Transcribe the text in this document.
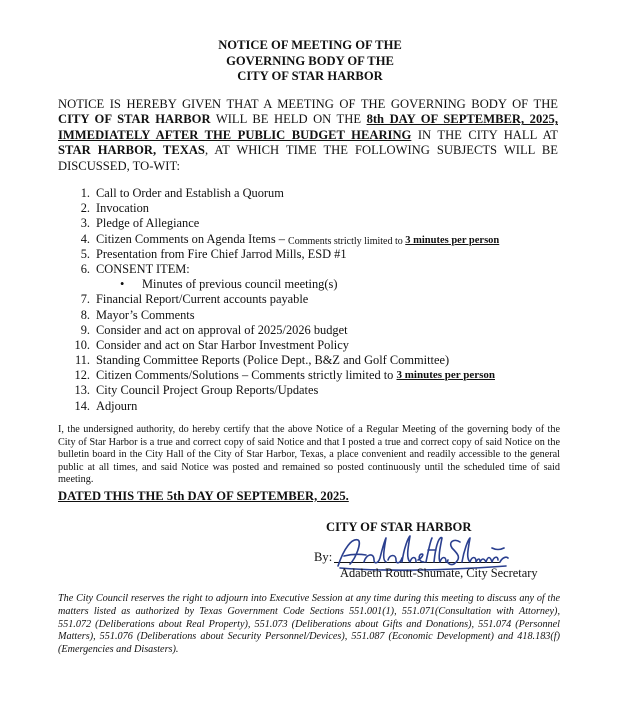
NOTICE OF MEETING OF THE
GOVERNING BODY OF THE
CITY OF STAR HARBOR
NOTICE IS HEREBY GIVEN THAT A MEETING OF THE GOVERNING BODY OF THE CITY OF STAR HARBOR WILL BE HELD ON THE 8th DAY OF SEPTEMBER, 2025, IMMEDIATELY AFTER THE PUBLIC BUDGET HEARING IN THE CITY HALL AT STAR HARBOR, TEXAS, AT WHICH TIME THE FOLLOWING SUBJECTS WILL BE DISCUSSED, TO-WIT:
1. Call to Order and Establish a Quorum
2. Invocation
3. Pledge of Allegiance
4. Citizen Comments on Agenda Items – Comments strictly limited to 3 minutes per person
5. Presentation from Fire Chief Jarrod Mills, ESD #1
6. CONSENT ITEM:
•	Minutes of previous council meeting(s)
7. Financial Report/Current accounts payable
8. Mayor’s Comments
9. Consider and act on approval of 2025/2026 budget
10. Consider and act on Star Harbor Investment Policy
11. Standing Committee Reports (Police Dept., B&Z and Golf Committee)
12. Citizen Comments/Solutions – Comments strictly limited to 3 minutes per person
13. City Council Project Group Reports/Updates
14. Adjourn
I, the undersigned authority, do hereby certify that the above Notice of a Regular Meeting of the governing body of the City of Star Harbor is a true and correct copy of said Notice and that I posted a true and correct copy of said Notice on the bulletin board in the City Hall of the City of Star Harbor, Texas, a place convenient and readily accessible to the general public at all times, and said Notice was posted and remained so posted continuously until the scheduled time of said meeting.
DATED THIS THE 5th DAY OF SEPTEMBER, 2025.
CITY OF STAR HARBOR
By:
Adabeth Routt-Shumate, City Secretary
The City Council reserves the right to adjourn into Executive Session at any time during this meeting to discuss any of the matters listed as authorized by Texas Government Code Sections 551.001(1), 551.071(Consultation with Attorney), 551.072 (Deliberations about Real Property), 551.073 (Deliberations about Gifts and Donations), 551.074 (Personnel Matters), 551.076 (Deliberations about Security Personnel/Devices), 551.087 (Economic Development) and 418.183(f) (Emergencies and Disasters).
